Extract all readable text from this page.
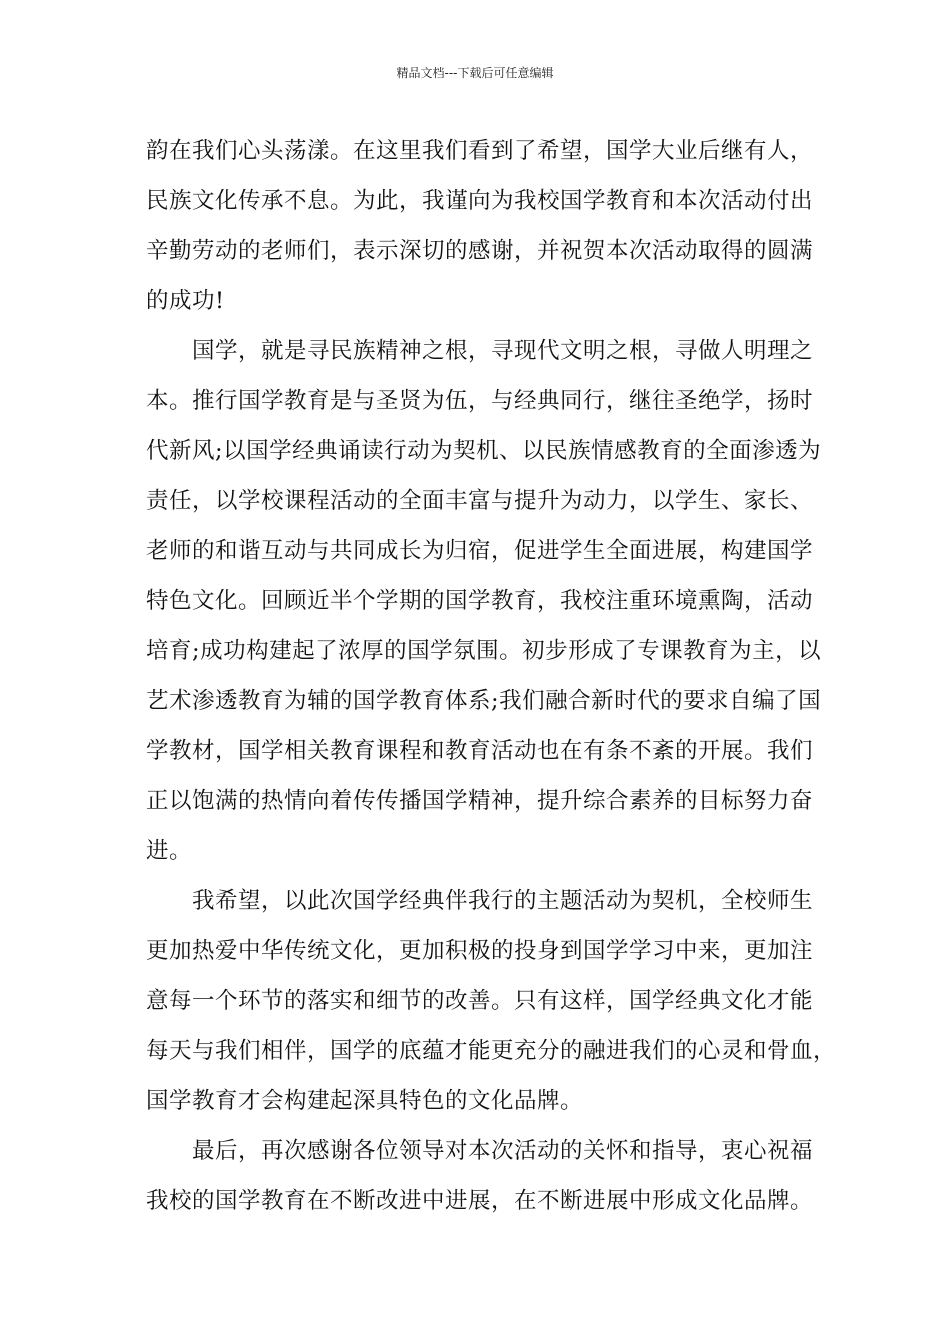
精品文档---下载后可任意编辑
韵在我们心头荡漾。在这里我们看到了希望，国学大业后继有人，
民族文化传承不息。为此，我谨向为我校国学教育和本次活动付出
辛勤劳动的老师们，表示深切的感谢，并祝贺本次活动取得的圆满
的成功!
国学，就是寻民族精神之根，寻现代文明之根，寻做人明理之
本。推行国学教育是与圣贤为伍，与经典同行，继往圣绝学，扬时
代新风;以国学经典诵读行动为契机、以民族情感教育的全面渗透为
责任，以学校课程活动的全面丰富与提升为动力，以学生、家长、
老师的和谐互动与共同成长为归宿，促进学生全面进展，构建国学
特色文化。回顾近半个学期的国学教育，我校注重环境熏陶，活动
培育;成功构建起了浓厚的国学氛围。初步形成了专课教育为主，以
艺术渗透教育为辅的国学教育体系;我们融合新时代的要求自编了国
学教材，国学相关教育课程和教育活动也在有条不紊的开展。我们
正以饱满的热情向着传传播国学精神，提升综合素养的目标努力奋
进。
我希望，以此次国学经典伴我行的主题活动为契机，全校师生
更加热爱中华传统文化，更加积极的投身到国学学习中来，更加注
意每一个环节的落实和细节的改善。只有这样，国学经典文化才能
每天与我们相伴，国学的底蕴才能更充分的融进我们的心灵和骨血，
国学教育才会构建起深具特色的文化品牌。
最后，再次感谢各位领导对本次活动的关怀和指导，衷心祝福
我校的国学教育在不断改进中进展，在不断进展中形成文化品牌。
